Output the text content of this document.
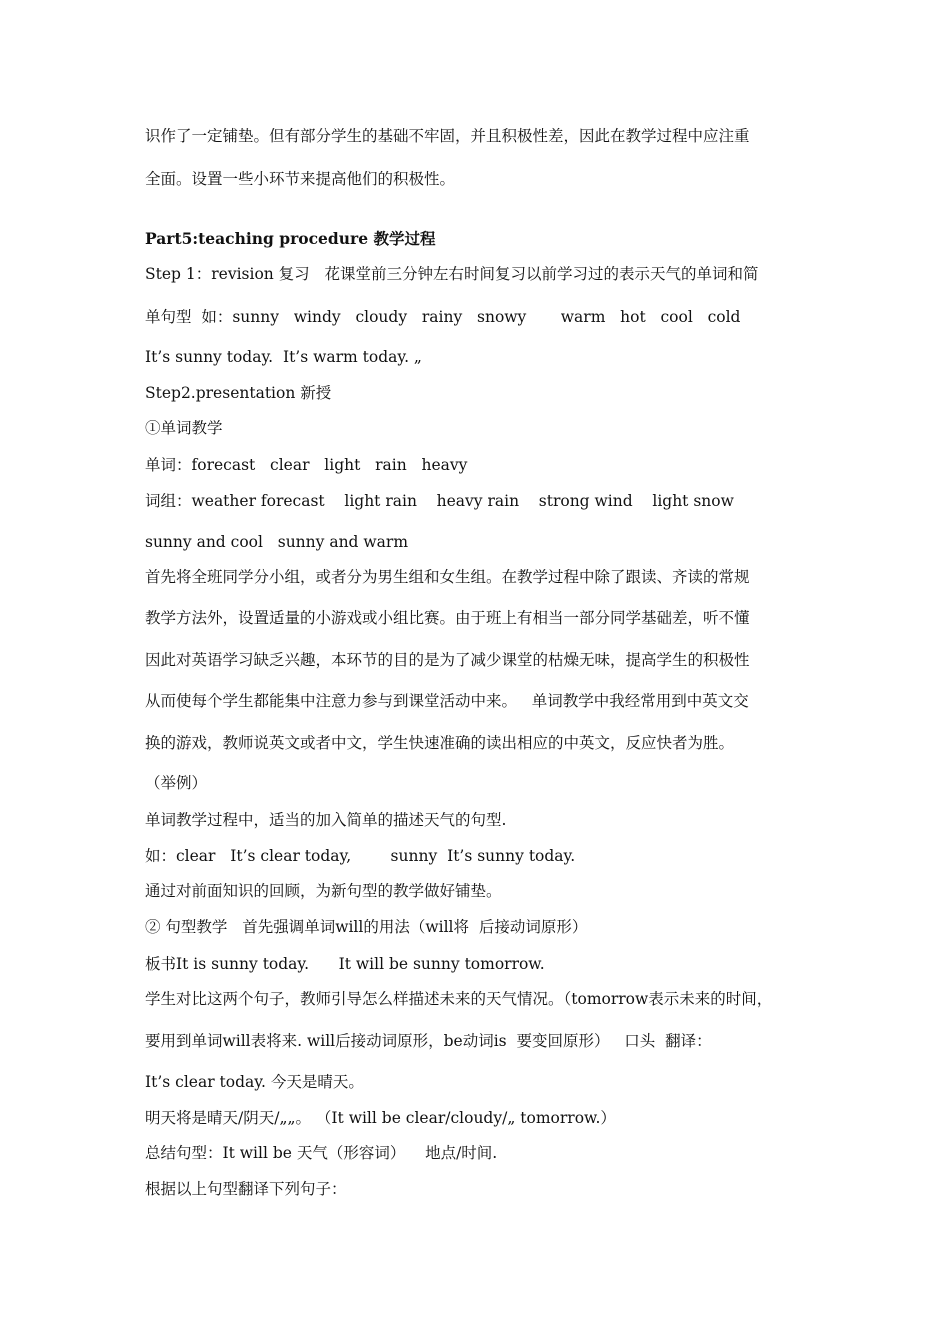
识作了一定铺垫。但有部分学生的基础不牢固，并且积极性差，因此在教学过程中应注重
全面。设置一些小环节来提高他们的积极性。
Part5:teaching procedure 教学过程
Step 1：revision 复习   花课堂前三分钟左右时间复习以前学习过的表示天气的单词和简
单句型  如：sunny   windy   cloudy   rainy   snowy       warm   hot   cool   cold
It’s sunny today.  It’s warm today. „
Step2.presentation 新授
①单词教学
单词：forecast   clear   light   rain   heavy
词组：weather forecast    light rain    heavy rain    strong wind    light snow
sunny and cool   sunny and warm
首先将全班同学分小组，或者分为男生组和女生组。在教学过程中除了跟读、齐读的常规
教学方法外，设置适量的小游戏或小组比赛。由于班上有相当一部分同学基础差，听不懂
因此对英语学习缺乏兴趣，本环节的目的是为了减少课堂的枯燥无味，提高学生的积极性
从而使每个学生都能集中注意力参与到课堂活动中来。   单词教学中我经常用到中英文交
换的游戏，教师说英文或者中文，学生快速准确的读出相应的中英文，反应快者为胜。
（举例）
单词教学过程中，适当的加入简单的描述天气的句型.
如：clear   It’s clear today,        sunny  It’s sunny today.
通过对前面知识的回顾，为新句型的教学做好铺垫。
② 句型教学   首先强调单词will的用法（will将  后接动词原形）
板书It is sunny today.      It will be sunny tomorrow.
学生对比这两个句子，教师引导怎么样描述未来的天气情况。（tomorrow表示未来的时间，
要用到单词will表将来. will后接动词原形，be动词is  要变回原形）   口头  翻译：
It’s clear today. 今天是晴天。
明天将是晴天/阴天/„„。 （It will be clear/cloudy/„ tomorrow.）
总结句型：It will be 天气（形容词）    地点/时间.
根据以上句型翻译下列句子：
